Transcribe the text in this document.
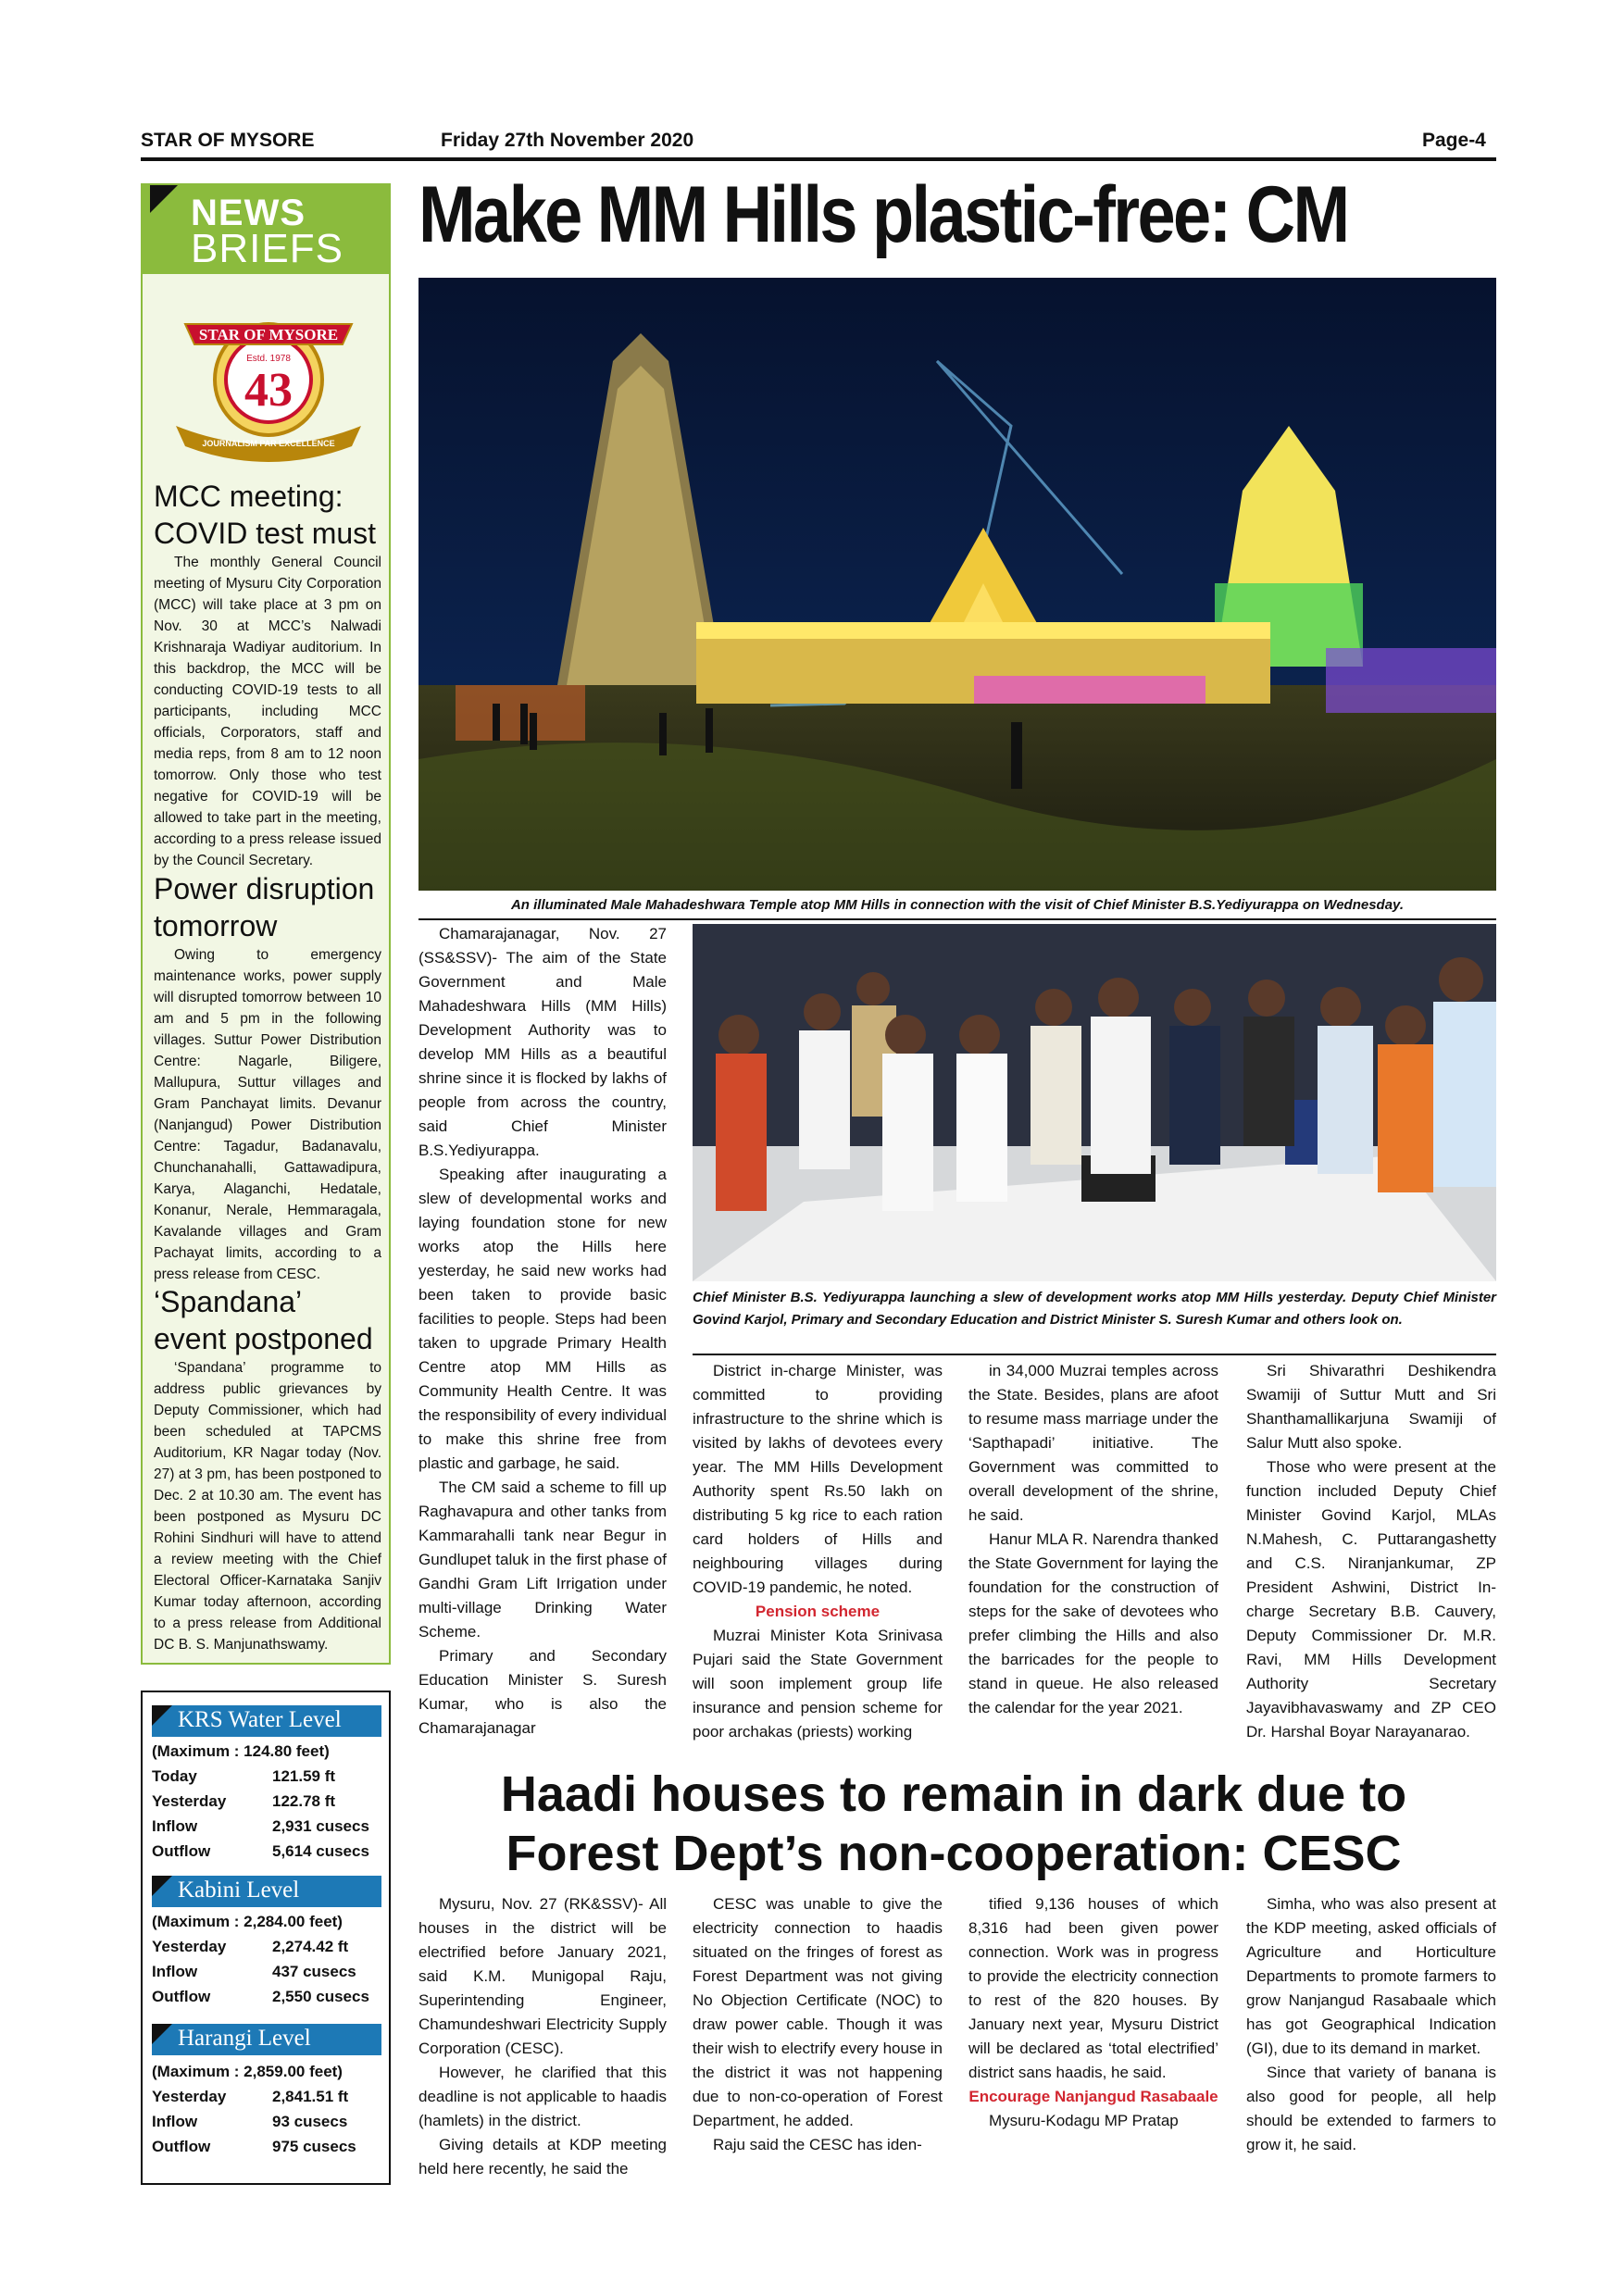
STAR OF MYSORE	Friday 27th November 2020	Page-4
NEWS
BRIEFS
STAR OF MYSORE
Estd. 1978
43
JOURNALISM PAR EXCELLENCE
MCC meeting: COVID test must
The monthly General Council meeting of Mysuru City Corporation (MCC) will take place at 3 pm on Nov. 30 at MCC’s Nalwadi Krishnaraja Wadiyar auditorium. In this backdrop, the MCC will be conducting COVID-19 tests to all participants, including MCC officials, Corporators, staff and media reps, from 8 am to 12 noon tomorrow. Only those who test negative for COVID-19 will be allowed to take part in the meeting, according to a press release issued by the Council Secretary.
Power disruption tomorrow
Owing to emergency maintenance works, power supply will disrupted tomorrow between 10 am and 5 pm in the following villages. Suttur Power Distribution Centre: Nagarle, Biligere, Mallupura, Suttur villages and Gram Panchayat limits. Devanur (Nanjangud) Power Distribution Centre: Tagadur, Badanavalu, Chunchanahalli, Gattawadipura, Karya, Alaganchi, Hedatale, Konanur, Nerale, Hemmaragala, Kavalande villages and Gram Pachayat limits, according to a press release from CESC.
‘Spandana’ event postponed
‘Spandana’ programme to address public grievances by Deputy Commissioner, which had been scheduled at TAPCMS Auditorium, KR Nagar today (Nov. 27) at 3 pm, has been postponed to Dec. 2 at 10.30 am. The event has been postponed as Mysuru DC Rohini Sindhuri will have to attend a review meeting with the Chief Electoral Officer-Karnataka Sanjiv Kumar today afternoon, according to a press release from Additional DC B. S. Manjunathswamy.
KRS Water Level
(Maximum : 124.80 feet)
Today	121.59 ft
Yesterday	122.78 ft
Inflow	2,931 cusecs
Outflow	5,614 cusecs
Kabini Level
(Maximum : 2,284.00 feet)
Yesterday	2,274.42 ft
Inflow	437 cusecs
Outflow	2,550 cusecs
Harangi Level
(Maximum : 2,859.00 feet)
Yesterday	2,841.51 ft
Inflow	93 cusecs
Outflow	975 cusecs
Make MM Hills plastic-free: CM
An illuminated Male Mahadeshwara Temple atop MM Hills in connection with the visit of Chief Minister B.S.Yediyurappa on Wednesday.
Chief Minister B.S. Yediyurappa launching a slew of development works atop MM Hills yesterday. Deputy Chief Minister Govind Karjol, Primary and Secondary Education and District Minister S. Suresh Kumar and others look on.

Chamarajanagar, Nov. 27 (SS&SSV)- The aim of the State Government and Male Mahadeshwara Hills (MM Hills) Development Authority was to develop MM Hills as a beautiful shrine since it is flocked by lakhs of people from across the country, said Chief Minister B.S.Yediyurappa.

Speaking after inaugurating a slew of developmental works and laying foundation stone for new works atop the Hills here yesterday, he said new works had been taken to provide basic facilities to people. Steps had been taken to upgrade Primary Health Centre atop MM Hills as Community Health Centre. It was the responsibility of every individual to make this shrine free from plastic and garbage, he said.

The CM said a scheme to fill up Raghavapura and other tanks from Kammarahalli tank near Begur in Gundlupet taluk in the first phase of Gandhi Gram Lift Irrigation under multi-village Drinking Water Scheme.

Primary and Secondary Education Minister S. Suresh Kumar, who is also the Chamarajanagar

District in-charge Minister, was committed to providing infrastructure to the shrine which is visited by lakhs of devotees every year. The MM Hills Development Authority spent Rs.50 lakh on distributing 5 kg rice to each ration card holders of Hills and neighbouring villages during COVID-19 pandemic, he noted.

Pension scheme

Muzrai Minister Kota Srinivasa Pujari said the State Government will soon implement group life insurance and pension scheme for poor archakas (priests) working

in 34,000 Muzrai temples across the State. Besides, plans are afoot to resume mass marriage under the ‘Sapthapadi’ initiative. The Government was committed to overall development of the shrine, he said.

Hanur MLA R. Narendra thanked the State Government for laying the foundation for the construction of steps for the sake of devotees who prefer climbing the Hills and also the barricades for the people to stand in queue. He also released the calendar for the year 2021.

Sri Shivarathri Deshikendra Swamiji of Suttur Mutt and Sri Shanthamallikarjuna Swamiji of Salur Mutt also spoke.

Those who were present at the function included Deputy Chief Minister Govind Karjol, MLAs N.Mahesh, C. Puttarangashetty and C.S. Niranjankumar, ZP President Ashwini, District In-charge Secretary B.B. Cauvery, Deputy Commissioner Dr. M.R. Ravi, MM Hills Development Authority Secretary Jayavibhavaswamy and ZP CEO Dr. Harshal Boyar Narayanarao.

Haadi houses to remain in dark due to
Forest Dept’s non-cooperation: CESC

Mysuru, Nov. 27 (RK&SSV)- All houses in the district will be electrified before January 2021, said K.M. Munigopal Raju, Superintending Engineer, Chamundeshwari Electricity Supply Corporation (CESC).

However, he clarified that this deadline is not applicable to haadis (hamlets) in the district.

Giving details at KDP meeting held here recently, he said the

CESC was unable to give the electricity connection to haadis situated on the fringes of forest as Forest Department was not giving No Objection Certificate (NOC) to draw power cable. Though it was their wish to electrify every house in the district it was not happening due to non-co-operation of Forest Department, he added.

Raju said the CESC has iden-

tified 9,136 houses of which 8,316 had been given power connection. Work was in progress to provide the electricity connection to rest of the 820 houses. By January next year, Mysuru District will be declared as ‘total electrified’ district sans haadis, he said.

Encourage Nanjangud Rasabaale

Mysuru-Kodagu MP Pratap

Simha, who was also present at the KDP meeting, asked officials of Agriculture and Horticulture Departments to promote farmers to grow Nanjangud Rasabaale which has got Geographical Indication (GI), due to its demand in market.

Since that variety of banana is also good for people, all help should be extended to farmers to grow it, he said.
